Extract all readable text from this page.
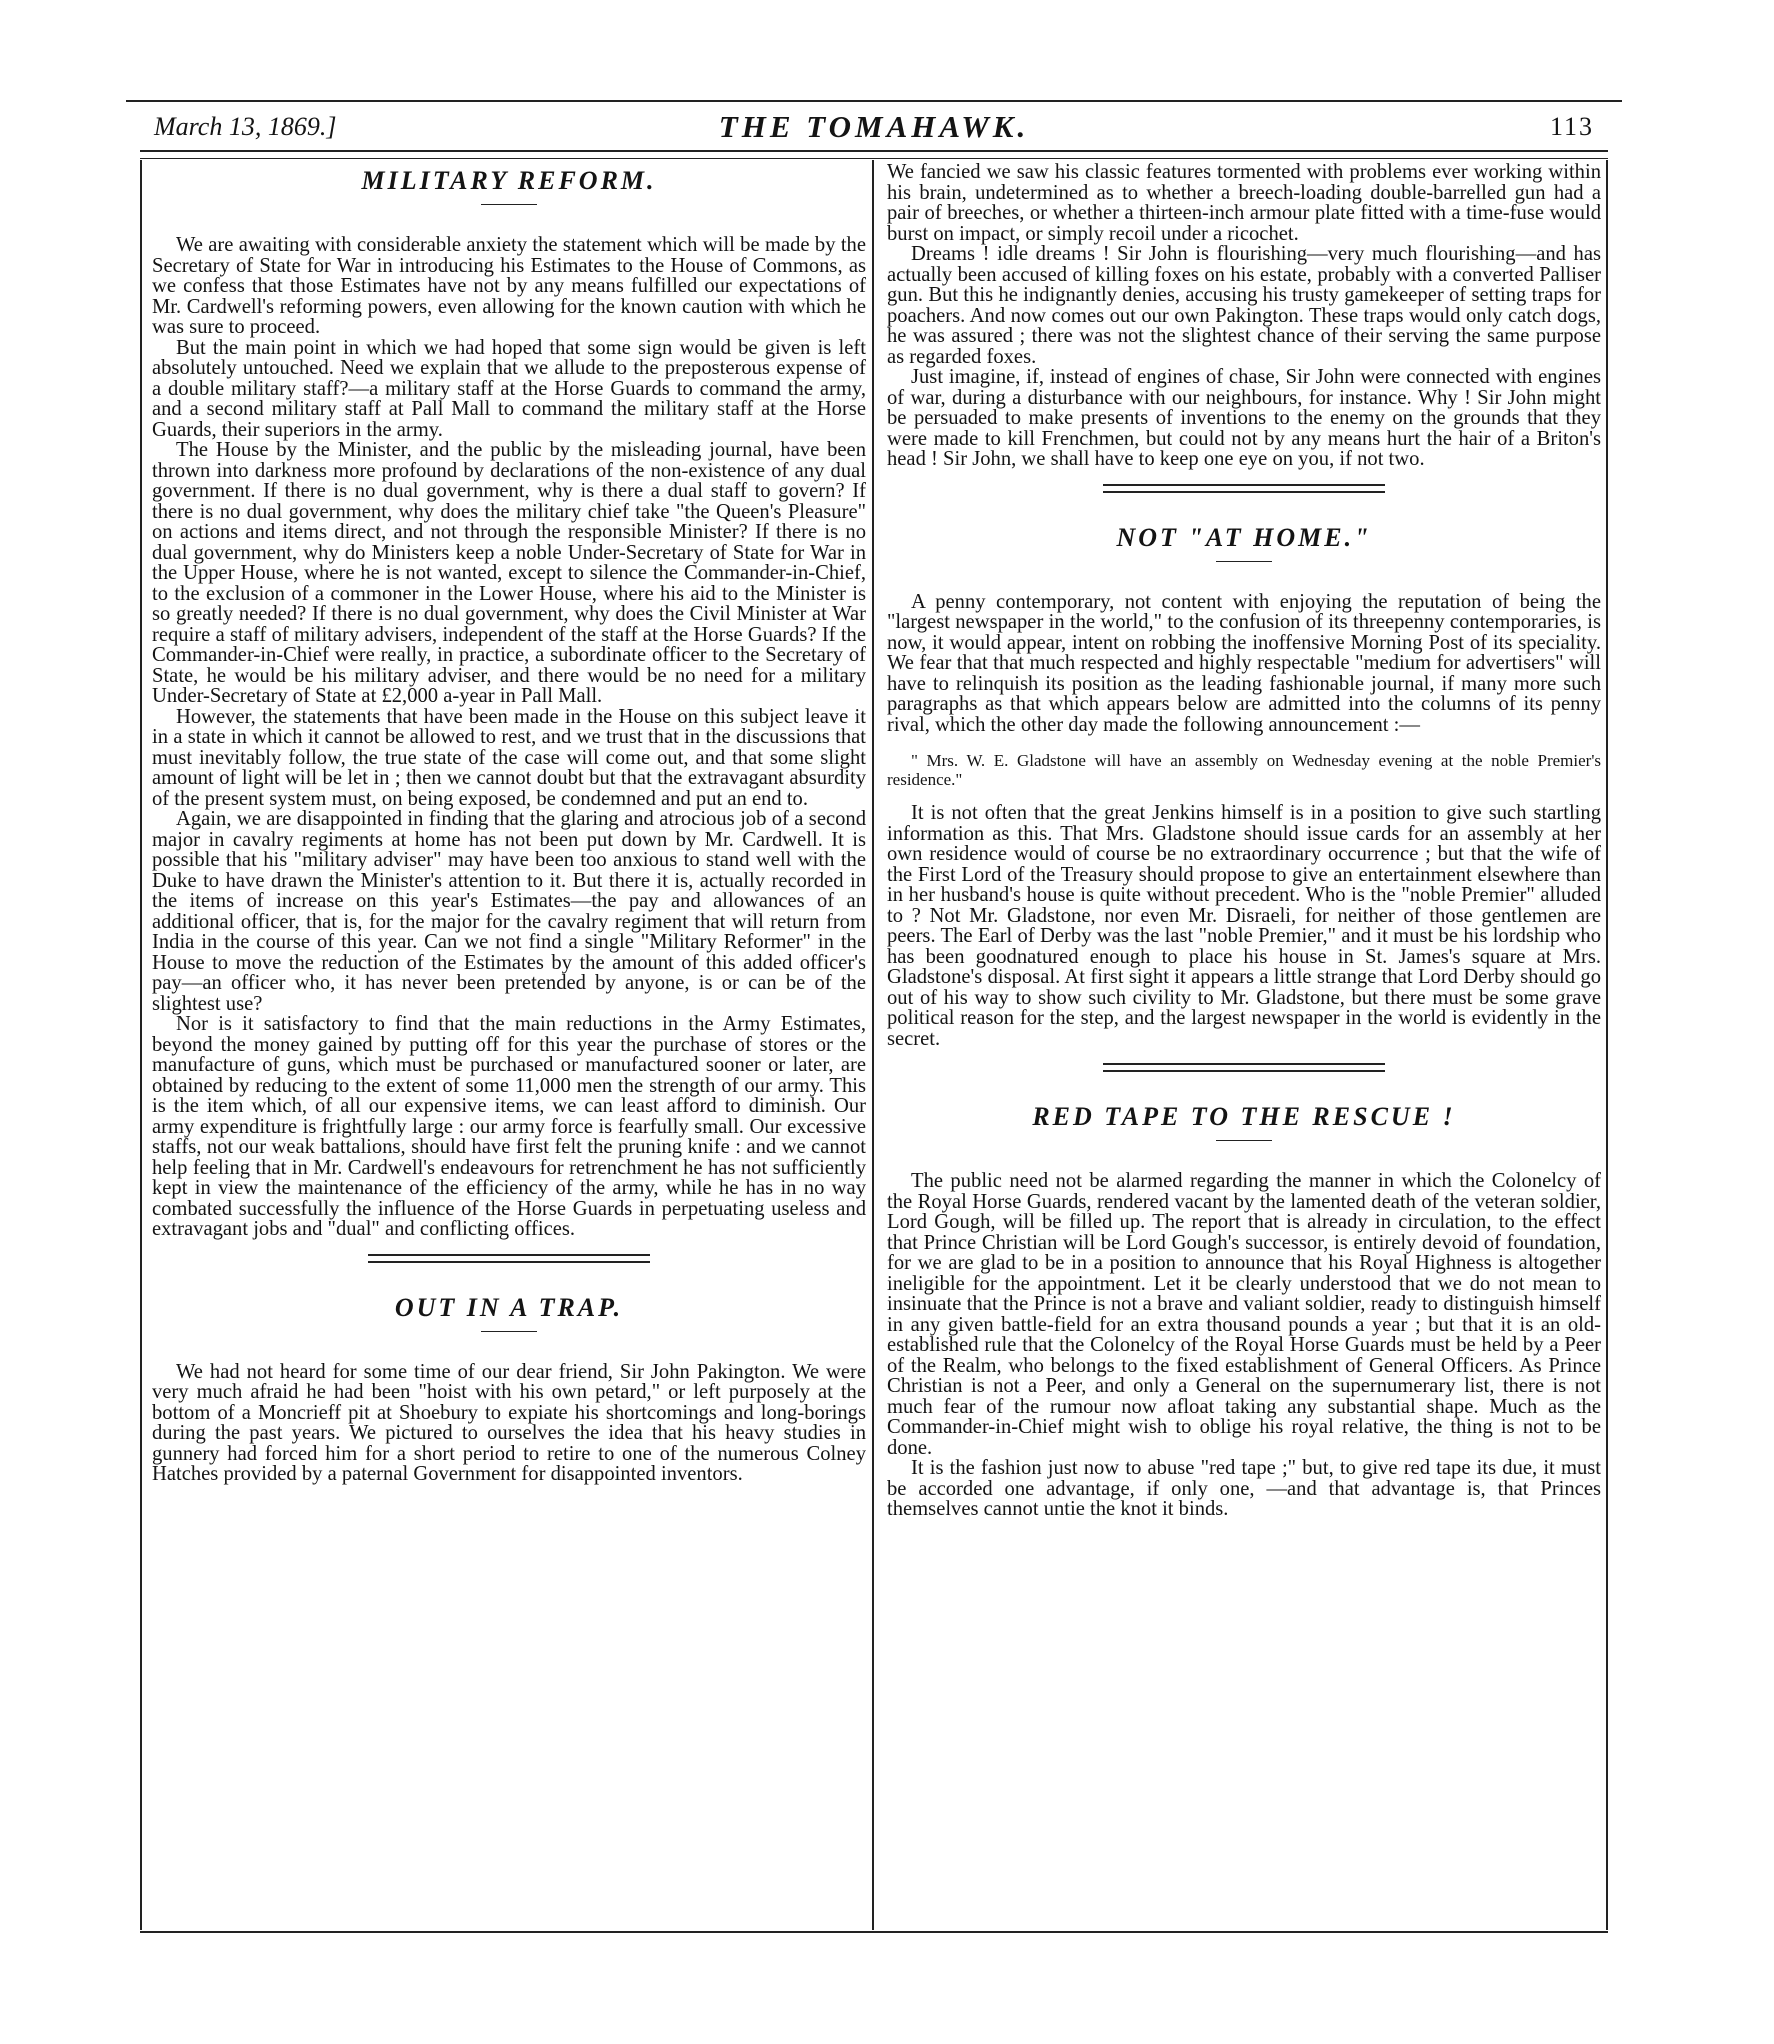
March 13, 1869.]	THE TOMAHAWK.	113
MILITARY REFORM.

We are awaiting with considerable anxiety the statement which will be made by the Secretary of State for War in introducing his Estimates to the House of Commons, as we confess that those Estimates have not by any means fulfilled our expectations of Mr. Cardwell's reforming powers, even allowing for the known caution with which he was sure to proceed.

But the main point in which we had hoped that some sign would be given is left absolutely untouched. Need we explain that we allude to the preposterous expense of a double military staff?—a military staff at the Horse Guards to command the army, and a second military staff at Pall Mall to command the military staff at the Horse Guards, their superiors in the army.

The House by the Minister, and the public by the misleading journal, have been thrown into darkness more profound by declarations of the non-existence of any dual government. If there is no dual government, why is there a dual staff to govern? If there is no dual government, why does the military chief take "the Queen's Pleasure" on actions and items direct, and not through the responsible Minister? If there is no dual government, why do Ministers keep a noble Under-Secretary of State for War in the Upper House, where he is not wanted, except to silence the Commander-in-Chief, to the exclusion of a commoner in the Lower House, where his aid to the Minister is so greatly needed? If there is no dual government, why does the Civil Minister at War require a staff of military advisers, independent of the staff at the Horse Guards? If the Commander-in-Chief were really, in practice, a subordinate officer to the Secretary of State, he would be his military adviser, and there would be no need for a military Under-Secretary of State at £2,000 a-year in Pall Mall.

However, the statements that have been made in the House on this subject leave it in a state in which it cannot be allowed to rest, and we trust that in the discussions that must inevitably follow, the true state of the case will come out, and that some slight amount of light will be let in ; then we cannot doubt but that the extravagant absurdity of the present system must, on being exposed, be condemned and put an end to.

Again, we are disappointed in finding that the glaring and atrocious job of a second major in cavalry regiments at home has not been put down by Mr. Cardwell. It is possible that his "military adviser" may have been too anxious to stand well with the Duke to have drawn the Minister's attention to it. But there it is, actually recorded in the items of increase on this year's Estimates—the pay and allowances of an additional officer, that is, for the major for the cavalry regiment that will return from India in the course of this year. Can we not find a single "Military Reformer" in the House to move the reduction of the Estimates by the amount of this added officer's pay—an officer who, it has never been pretended by anyone, is or can be of the slightest use?

Nor is it satisfactory to find that the main reductions in the Army Estimates, beyond the money gained by putting off for this year the purchase of stores or the manufacture of guns, which must be purchased or manufactured sooner or later, are obtained by reducing to the extent of some 11,000 men the strength of our army. This is the item which, of all our expensive items, we can least afford to diminish. Our army expenditure is frightfully large : our army force is fearfully small. Our excessive staffs, not our weak battalions, should have first felt the pruning knife : and we cannot help feeling that in Mr. Cardwell's endeavours for retrenchment he has not sufficiently kept in view the maintenance of the efficiency of the army, while he has in no way combated successfully the influence of the Horse Guards in perpetuating useless and extravagant jobs and "dual" and conflicting offices.

OUT IN A TRAP.

We had not heard for some time of our dear friend, Sir John Pakington. We were very much afraid he had been "hoist with his own petard," or left purposely at the bottom of a Moncrieff pit at Shoebury to expiate his shortcomings and long-borings during the past years. We pictured to ourselves the idea that his heavy studies in gunnery had forced him for a short period to retire to one of the numerous Colney Hatches provided by a paternal Government for disappointed inventors.

We fancied we saw his classic features tormented with problems ever working within his brain, undetermined as to whether a breech-loading double-barrelled gun had a pair of breeches, or whether a thirteen-inch armour plate fitted with a time-fuse would burst on impact, or simply recoil under a ricochet.

Dreams ! idle dreams ! Sir John is flourishing—very much flourishing—and has actually been accused of killing foxes on his estate, probably with a converted Palliser gun. But this he indignantly denies, accusing his trusty gamekeeper of setting traps for poachers. And now comes out our own Pakington. These traps would only catch dogs, he was assured ; there was not the slightest chance of their serving the same purpose as regarded foxes.

Just imagine, if, instead of engines of chase, Sir John were connected with engines of war, during a disturbance with our neighbours, for instance. Why ! Sir John might be persuaded to make presents of inventions to the enemy on the grounds that they were made to kill Frenchmen, but could not by any means hurt the hair of a Briton's head ! Sir John, we shall have to keep one eye on you, if not two.

NOT "AT HOME."

A penny contemporary, not content with enjoying the reputation of being the "largest newspaper in the world," to the confusion of its threepenny contemporaries, is now, it would appear, intent on robbing the inoffensive Morning Post of its speciality. We fear that that much respected and highly respectable "medium for advertisers" will have to relinquish its position as the leading fashionable journal, if many more such paragraphs as that which appears below are admitted into the columns of its penny rival, which the other day made the following announcement :—

" Mrs. W. E. Gladstone will have an assembly on Wednesday evening at the noble Premier's residence."

It is not often that the great Jenkins himself is in a position to give such startling information as this. That Mrs. Gladstone should issue cards for an assembly at her own residence would of course be no extraordinary occurrence ; but that the wife of the First Lord of the Treasury should propose to give an entertainment elsewhere than in her husband's house is quite without precedent. Who is the "noble Premier" alluded to ? Not Mr. Gladstone, nor even Mr. Disraeli, for neither of those gentlemen are peers. The Earl of Derby was the last "noble Premier," and it must be his lordship who has been goodnatured enough to place his house in St. James's square at Mrs. Gladstone's disposal. At first sight it appears a little strange that Lord Derby should go out of his way to show such civility to Mr. Gladstone, but there must be some grave political reason for the step, and the largest newspaper in the world is evidently in the secret.

RED TAPE TO THE RESCUE !

The public need not be alarmed regarding the manner in which the Colonelcy of the Royal Horse Guards, rendered vacant by the lamented death of the veteran soldier, Lord Gough, will be filled up. The report that is already in circulation, to the effect that Prince Christian will be Lord Gough's successor, is entirely devoid of foundation, for we are glad to be in a position to announce that his Royal Highness is altogether ineligible for the appointment. Let it be clearly understood that we do not mean to insinuate that the Prince is not a brave and valiant soldier, ready to distinguish himself in any given battle-field for an extra thousand pounds a year ; but that it is an old-established rule that the Colonelcy of the Royal Horse Guards must be held by a Peer of the Realm, who belongs to the fixed establishment of General Officers. As Prince Christian is not a Peer, and only a General on the supernumerary list, there is not much fear of the rumour now afloat taking any substantial shape. Much as the Commander-in-Chief might wish to oblige his royal relative, the thing is not to be done.

It is the fashion just now to abuse "red tape ;" but, to give red tape its due, it must be accorded one advantage, if only one, —and that advantage is, that Princes themselves cannot untie the knot it binds.
